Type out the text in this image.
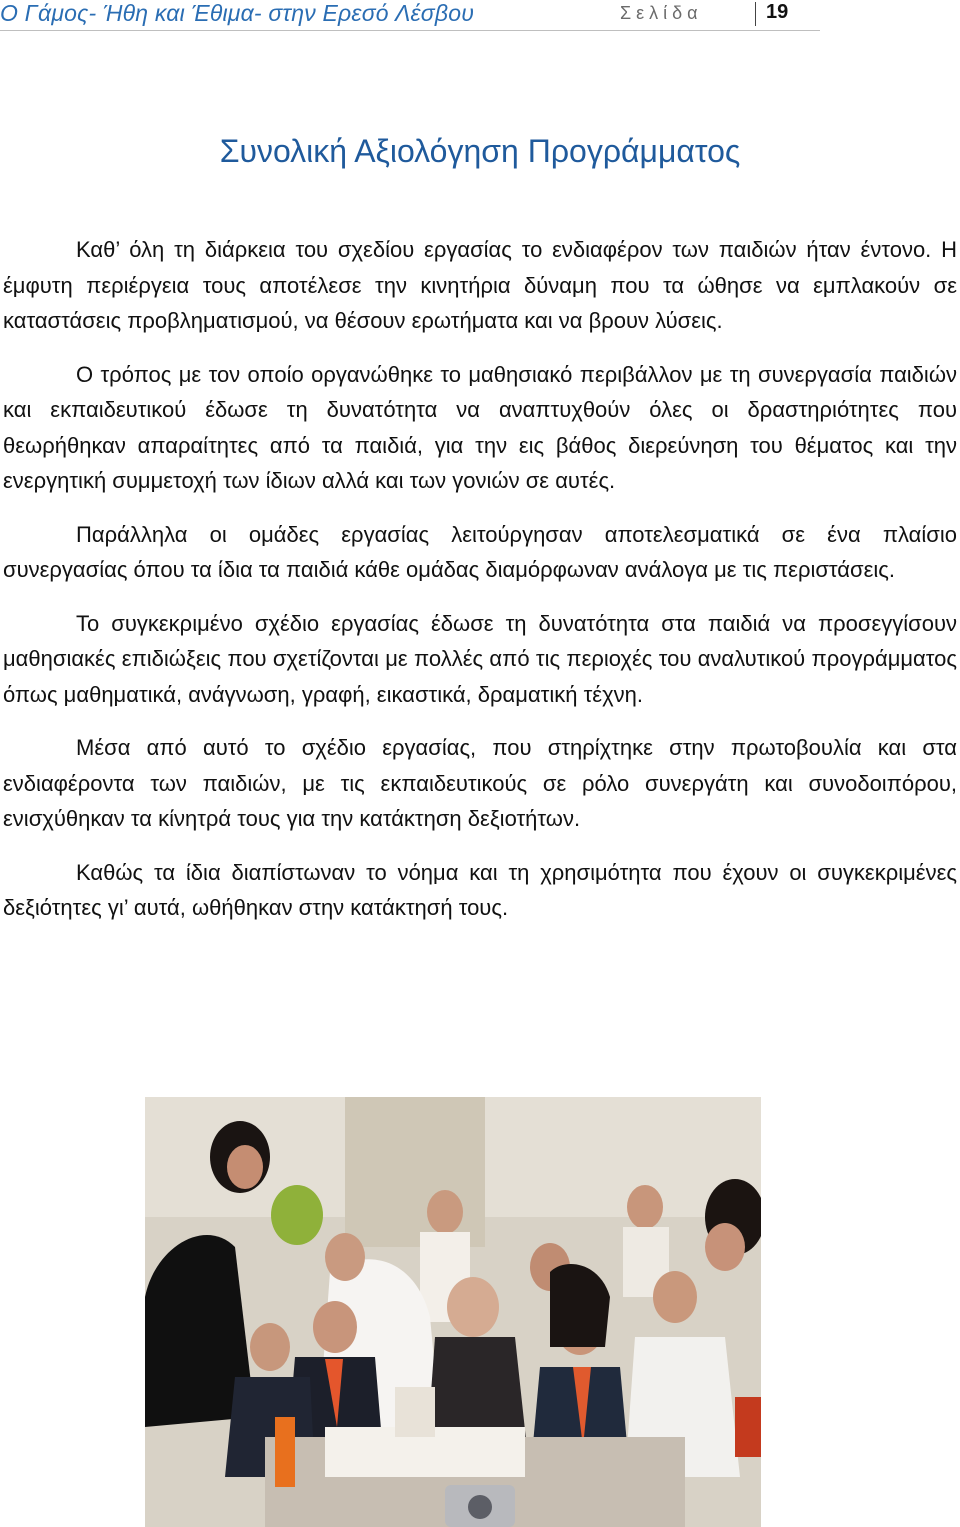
Ο Γάμος- Ήθη και Έθιμα- στην Ερεσό Λέσβου	Σελίδα	19
Συνολική Αξιολόγηση Προγράμματος

Καθ’ όλη τη διάρκεια του σχεδίου εργασίας το ενδιαφέρον των παιδιών ήταν έντονο. Η έμφυτη περιέργεια τους αποτέλεσε την κινητήρια δύναμη που τα ώθησε να εμπλακούν σε καταστάσεις προβληματισμού, να θέσουν ερωτήματα και να βρουν λύσεις.

Ο τρόπος με τον οποίο οργανώθηκε το μαθησιακό περιβάλλον με τη συνεργασία παιδιών και εκπαιδευτικού έδωσε τη δυνατότητα να αναπτυχθούν όλες οι δραστηριότητες που θεωρήθηκαν απαραίτητες από τα παιδιά, για την εις βάθος διερεύνηση του θέματος και την ενεργητική συμμετοχή των ίδιων αλλά και των γονιών σε αυτές.

Παράλληλα οι ομάδες εργασίας λειτούργησαν αποτελεσματικά σε ένα πλαίσιο συνεργασίας όπου τα ίδια τα παιδιά κάθε ομάδας διαμόρφωναν ανάλογα με τις περιστάσεις.

Το συγκεκριμένο σχέδιο εργασίας έδωσε τη δυνατότητα στα παιδιά να προσεγγίσουν μαθησιακές επιδιώξεις που σχετίζονται με πολλές από τις περιοχές του αναλυτικού προγράμματος όπως μαθηματικά, ανάγνωση, γραφή, εικαστικά, δραματική τέχνη.

Μέσα από αυτό το σχέδιο εργασίας, που στηρίχτηκε στην πρωτοβουλία και στα ενδιαφέροντα των παιδιών, με τις εκπαιδευτικούς σε ρόλο συνεργάτη και συνοδοιπόρου, ενισχύθηκαν τα κίνητρά τους για την κατάκτηση δεξιοτήτων.

Καθώς τα ίδια διαπίστωναν το νόημα και τη χρησιμότητα που έχουν οι συγκεκριμένες δεξιότητες γι’ αυτά, ωθήθηκαν στην κατάκτησή τους.
